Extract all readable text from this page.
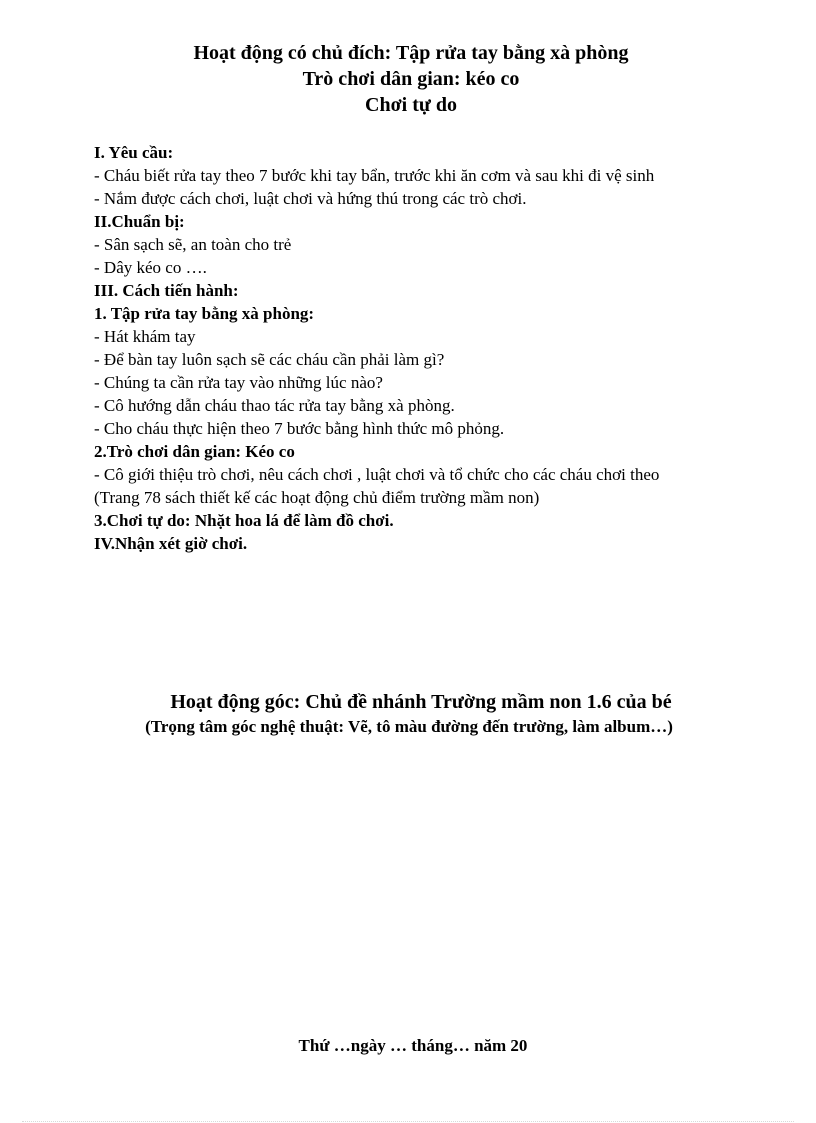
Hoạt động có chủ đích: Tập rửa tay bằng xà phòng
Trò chơi dân gian: kéo co
Chơi tự do
I. Yêu cầu:
- Cháu biết rửa tay theo 7 bước khi tay bẩn, trước khi ăn cơm và sau khi đi vệ sinh
- Nắm được cách chơi, luật chơi và hứng thú trong các trò chơi.
II.Chuẩn bị:
- Sân sạch sẽ, an toàn cho trẻ
- Dây kéo co ….
III. Cách tiến hành:
1. Tập rửa tay bằng xà phòng:
- Hát khám tay
- Để bàn tay luôn sạch sẽ các cháu cần phải làm gì?
- Chúng ta cần rửa tay vào những lúc nào?
- Cô hướng dẫn cháu thao tác rửa tay bằng xà phòng.
- Cho cháu thực hiện theo 7 bước bằng hình thức mô phỏng.
2.Trò chơi dân gian: Kéo co
- Cô giới thiệu trò chơi, nêu cách chơi , luật chơi và tổ chức cho các cháu chơi theo
(Trang 78 sách thiết kế các hoạt động chủ điểm trường mầm non)
3.Chơi tự do: Nhặt hoa lá để làm đồ chơi.
IV.Nhận xét giờ chơi.
Hoạt động góc: Chủ đề nhánh Trường mầm non 1.6 của bé
(Trọng tâm góc nghệ thuật: Vẽ, tô màu đường đến trường, làm album…)
Thứ …ngày … tháng… năm 20
